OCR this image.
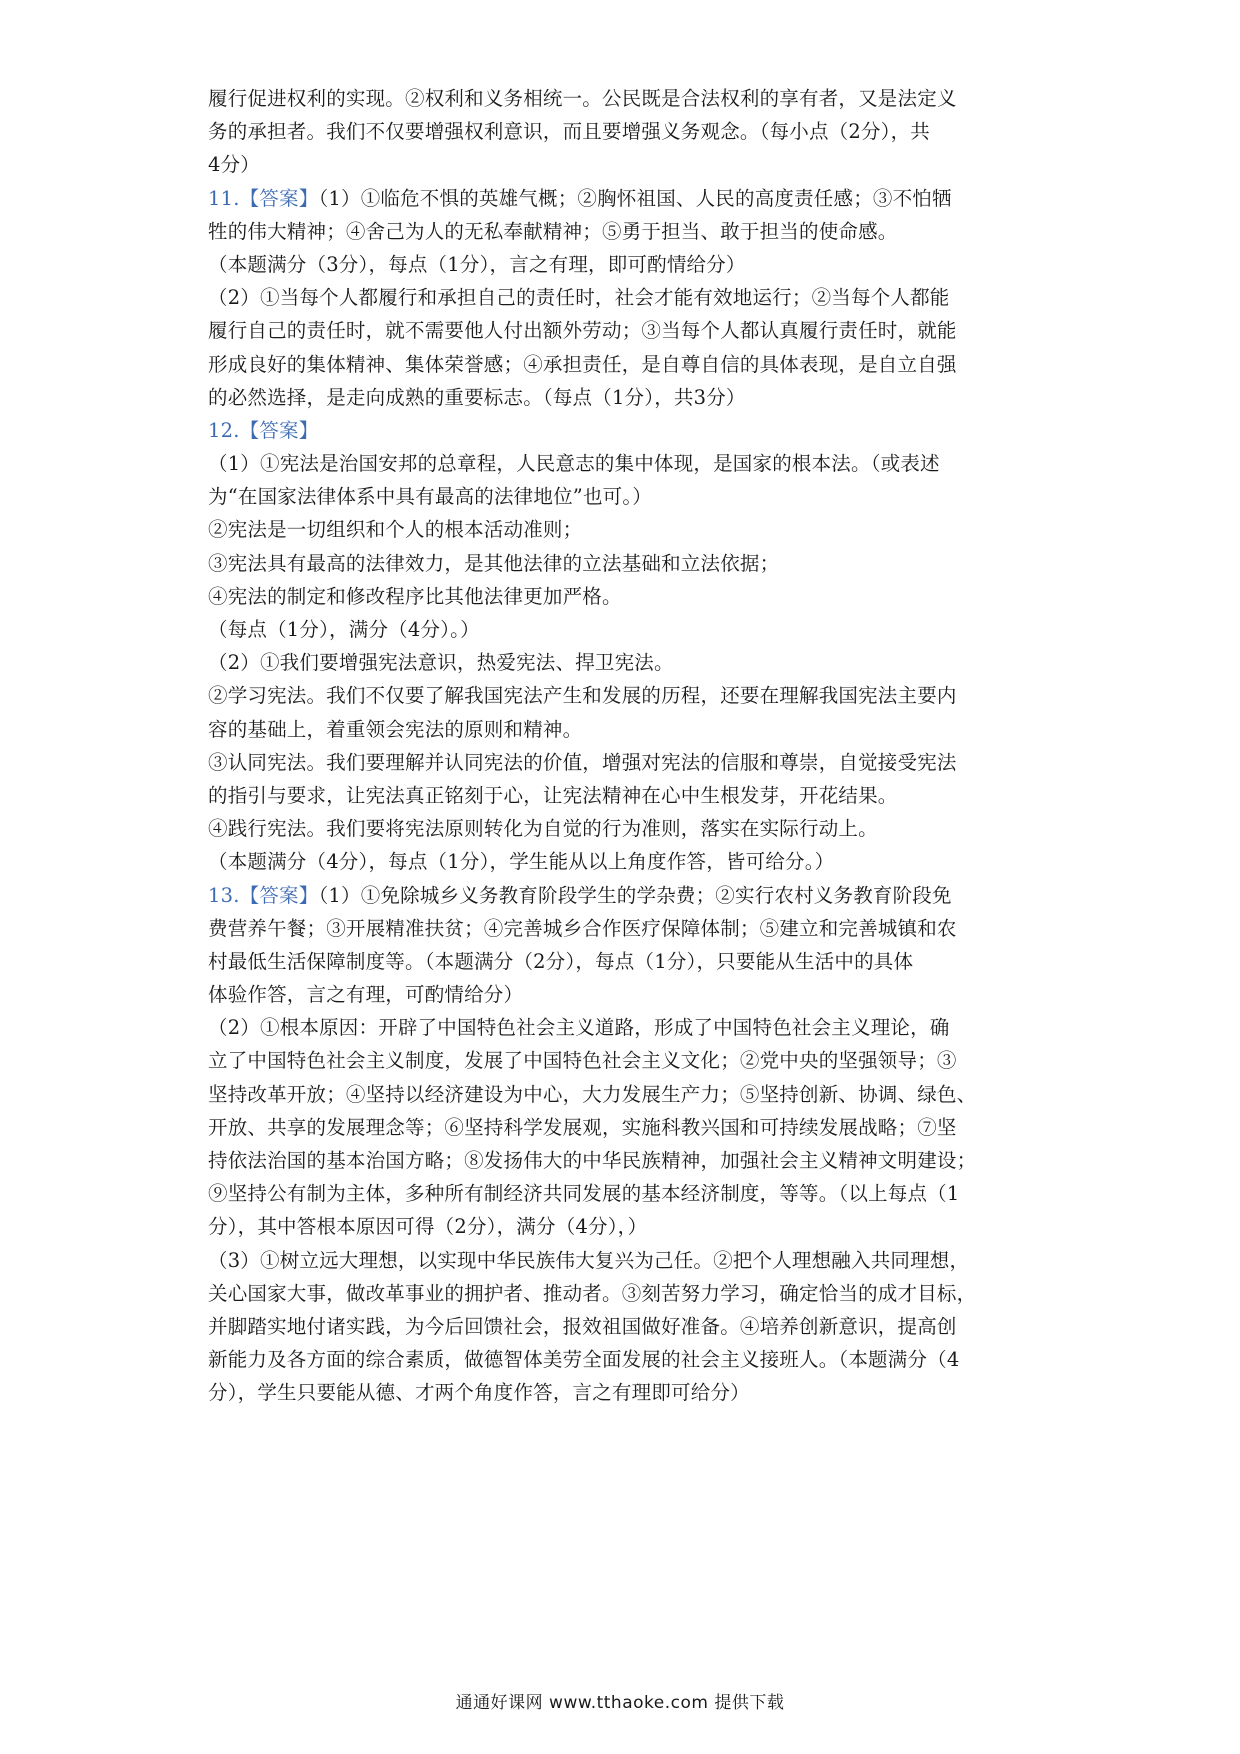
履行促进权利的实现。②权利和义务相统一。公民既是合法权利的享有者，又是法定义
务的承担者。我们不仅要增强权利意识，而且要增强义务观念。（每小点（2分），共
4分）
11.【答案】（1）①临危不惧的英雄气概；②胸怀祖国、人民的高度责任感；③不怕牺
牲的伟大精神；④舍己为人的无私奉献精神；⑤勇于担当、敢于担当的使命感。
（本题满分（3分），每点（1分），言之有理，即可酌情给分）
（2）①当每个人都履行和承担自己的责任时，社会才能有效地运行；②当每个人都能
履行自己的责任时，就不需要他人付出额外劳动；③当每个人都认真履行责任时，就能
形成良好的集体精神、集体荣誉感；④承担责任，是自尊自信的具体表现，是自立自强
的必然选择，是走向成熟的重要标志。（每点（1分），共3分）
12.【答案】
（1）①宪法是治国安邦的总章程，人民意志的集中体现，是国家的根本法。（或表述
为“在国家法律体系中具有最高的法律地位”也可。）
②宪法是一切组织和个人的根本活动准则；
③宪法具有最高的法律效力，是其他法律的立法基础和立法依据；
④宪法的制定和修改程序比其他法律更加严格。
（每点（1分），满分（4分）。）
（2）①我们要增强宪法意识，热爱宪法、捍卫宪法。
②学习宪法。我们不仅要了解我国宪法产生和发展的历程，还要在理解我国宪法主要内
容的基础上，着重领会宪法的原则和精神。
③认同宪法。我们要理解并认同宪法的价值，增强对宪法的信服和尊崇，自觉接受宪法
的指引与要求，让宪法真正铭刻于心，让宪法精神在心中生根发芽，开花结果。
④践行宪法。我们要将宪法原则转化为自觉的行为准则，落实在实际行动上。
（本题满分（4分），每点（1分），学生能从以上角度作答，皆可给分。）
13.【答案】（1）①免除城乡义务教育阶段学生的学杂费；②实行农村义务教育阶段免
费营养午餐；③开展精准扶贫；④完善城乡合作医疗保障体制；⑤建立和完善城镇和农
村最低生活保障制度等。（本题满分（2分），每点（1分），只要能从生活中的具体
体验作答，言之有理，可酌情给分）
（2）①根本原因：开辟了中国特色社会主义道路，形成了中国特色社会主义理论，确
立了中国特色社会主义制度，发展了中国特色社会主义文化；②党中央的坚强领导；③
坚持改革开放；④坚持以经济建设为中心，大力发展生产力；⑤坚持创新、协调、绿色、
开放、共享的发展理念等；⑥坚持科学发展观，实施科教兴国和可持续发展战略；⑦坚
持依法治国的基本治国方略；⑧发扬伟大的中华民族精神，加强社会主义精神文明建设；
⑨坚持公有制为主体，多种所有制经济共同发展的基本经济制度，等等。（以上每点（1
分），其中答根本原因可得（2分），满分（4分），）
（3）①树立远大理想，以实现中华民族伟大复兴为己任。②把个人理想融入共同理想，
关心国家大事，做改革事业的拥护者、推动者。③刻苦努力学习，确定恰当的成才目标，
并脚踏实地付诸实践，为今后回馈社会，报效祖国做好准备。④培养创新意识，提高创
新能力及各方面的综合素质，做德智体美劳全面发展的社会主义接班人。（本题满分（4
分），学生只要能从德、才两个角度作答，言之有理即可给分）
通通好课网 www.tthaoke.com 提供下载
